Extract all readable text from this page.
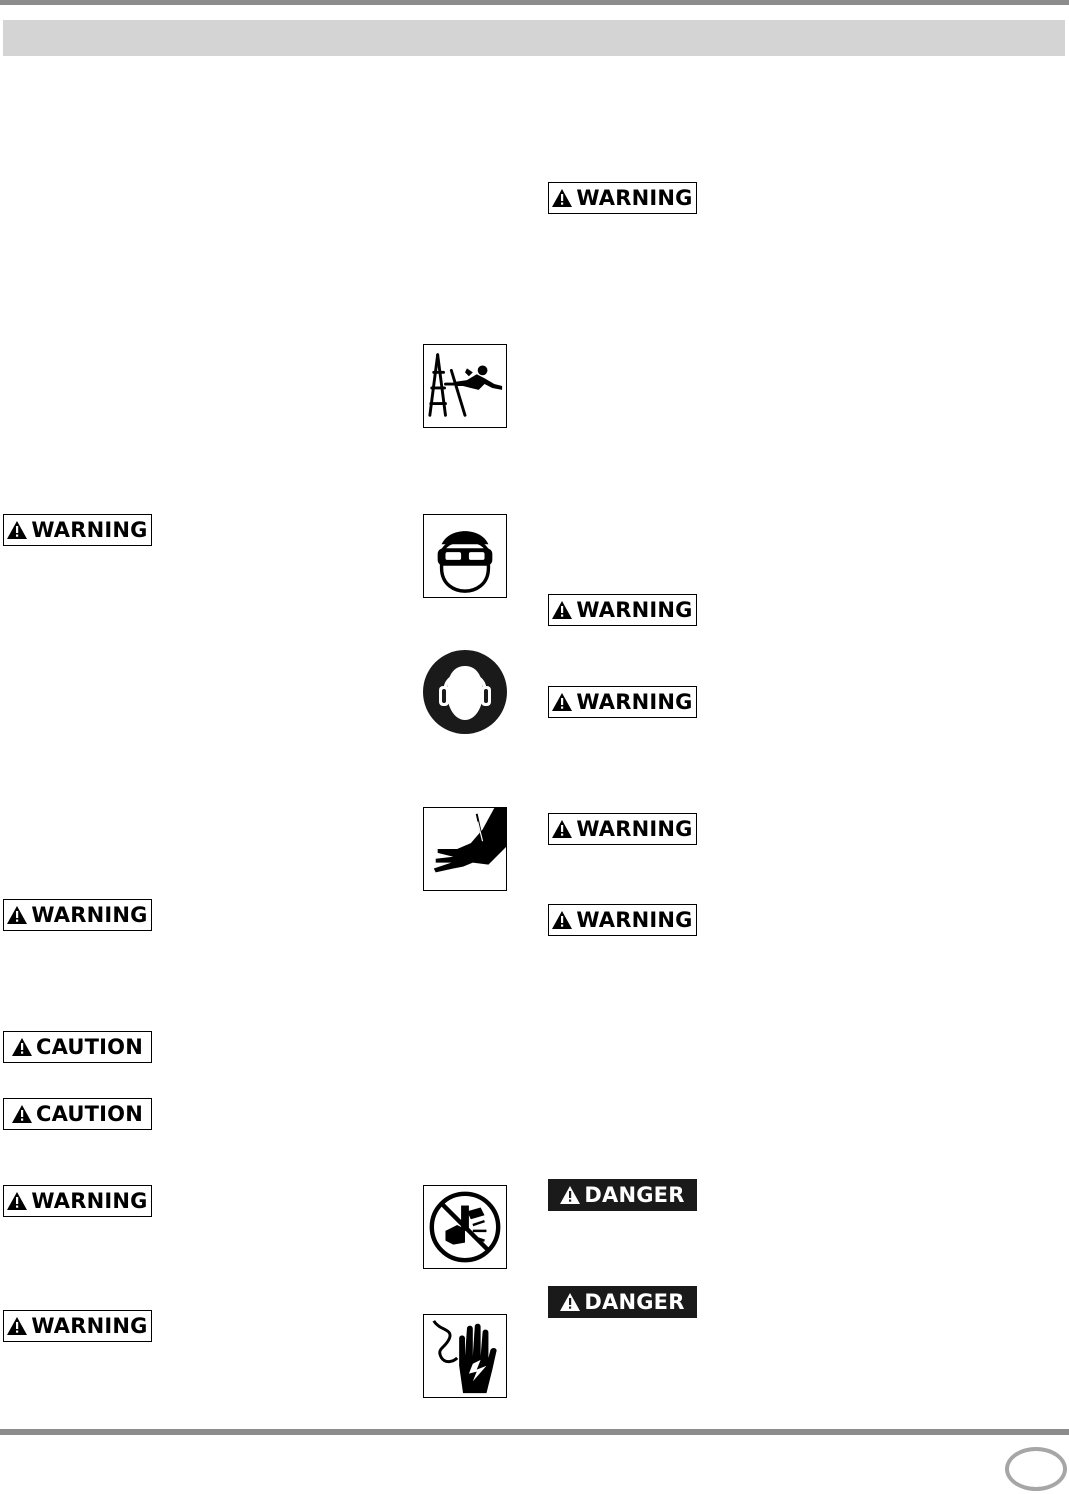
WARNING
WARNING
WARNING
WARNING
WARNING
DANGER
DANGER
WARNING
WARNING
CAUTION
CAUTION
WARNING
WARNING
